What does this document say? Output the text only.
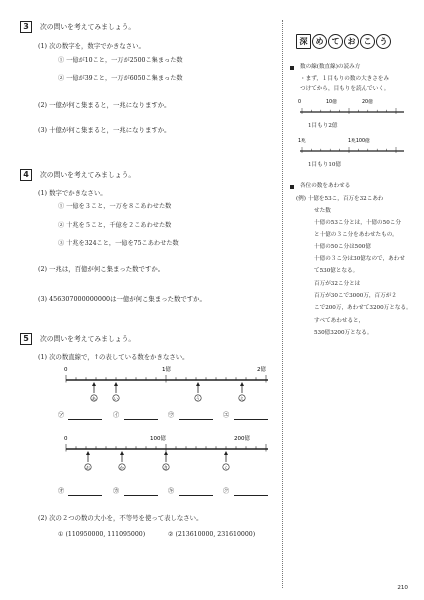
3	次の問いを考えてみましょう。
(1) 次の数字を，数字でかきなさい。
① 一億が10こと，一万が2500こ集まった数
② 一億が39こと，一万が6050こ集まった数
(2) 一億が何こ集まると，一兆になりますか。
(3) 十億が何こ集まると，一兆になりますか。
4	次の問いを考えてみましょう。
(1) 数字でかきなさい。
① 一億を３こと，一万を８こあわせた数
② 十兆を５こと，千億を２こあわせた数
③ 十兆を324こと，一億を75こあわせた数
(2) 一兆は，百億が何こ集まった数ですか。
(3) 456307000000000は一億が何こ集まった数ですか。
5	次の問いを考えてみましょう。
(1) 次の数直線で，↑の表している数をかきなさい。
0	1億	2億
あ	い	う	え
㋐	㋑	㋒	㋓
0	100億	200億
お	か	き	く
㋔	㋕	㋖	㋗
(2) 次の２つの数の大小を，不等号を使って表しなさい。
① (110950000, 111095000)	② (213610000, 231610000)
深	め	て	お	こ	う
数の線(数直線)の読み方
・まず，１目もりの数の大きさをみ
つけてから，目もりを読んでいく。
0	10億	20億
1目もり2億
1兆	1兆100億
1目もり10億
各位の数をあわせる
(例) 十億を53こ，百万を32こあわ
せた数
十億の53こ分とは，十億の50こ分
と十億の３こ分をあわせたもの。
十億の50こ分は500億
十億の３こ分は30億なので，あわせ
て530億となる。
百万が32こ分とは
百万が30こで3000万，百万が２
こで200万，あわせて3200万となる。
すべてあわせると，
530億3200万となる。
210
